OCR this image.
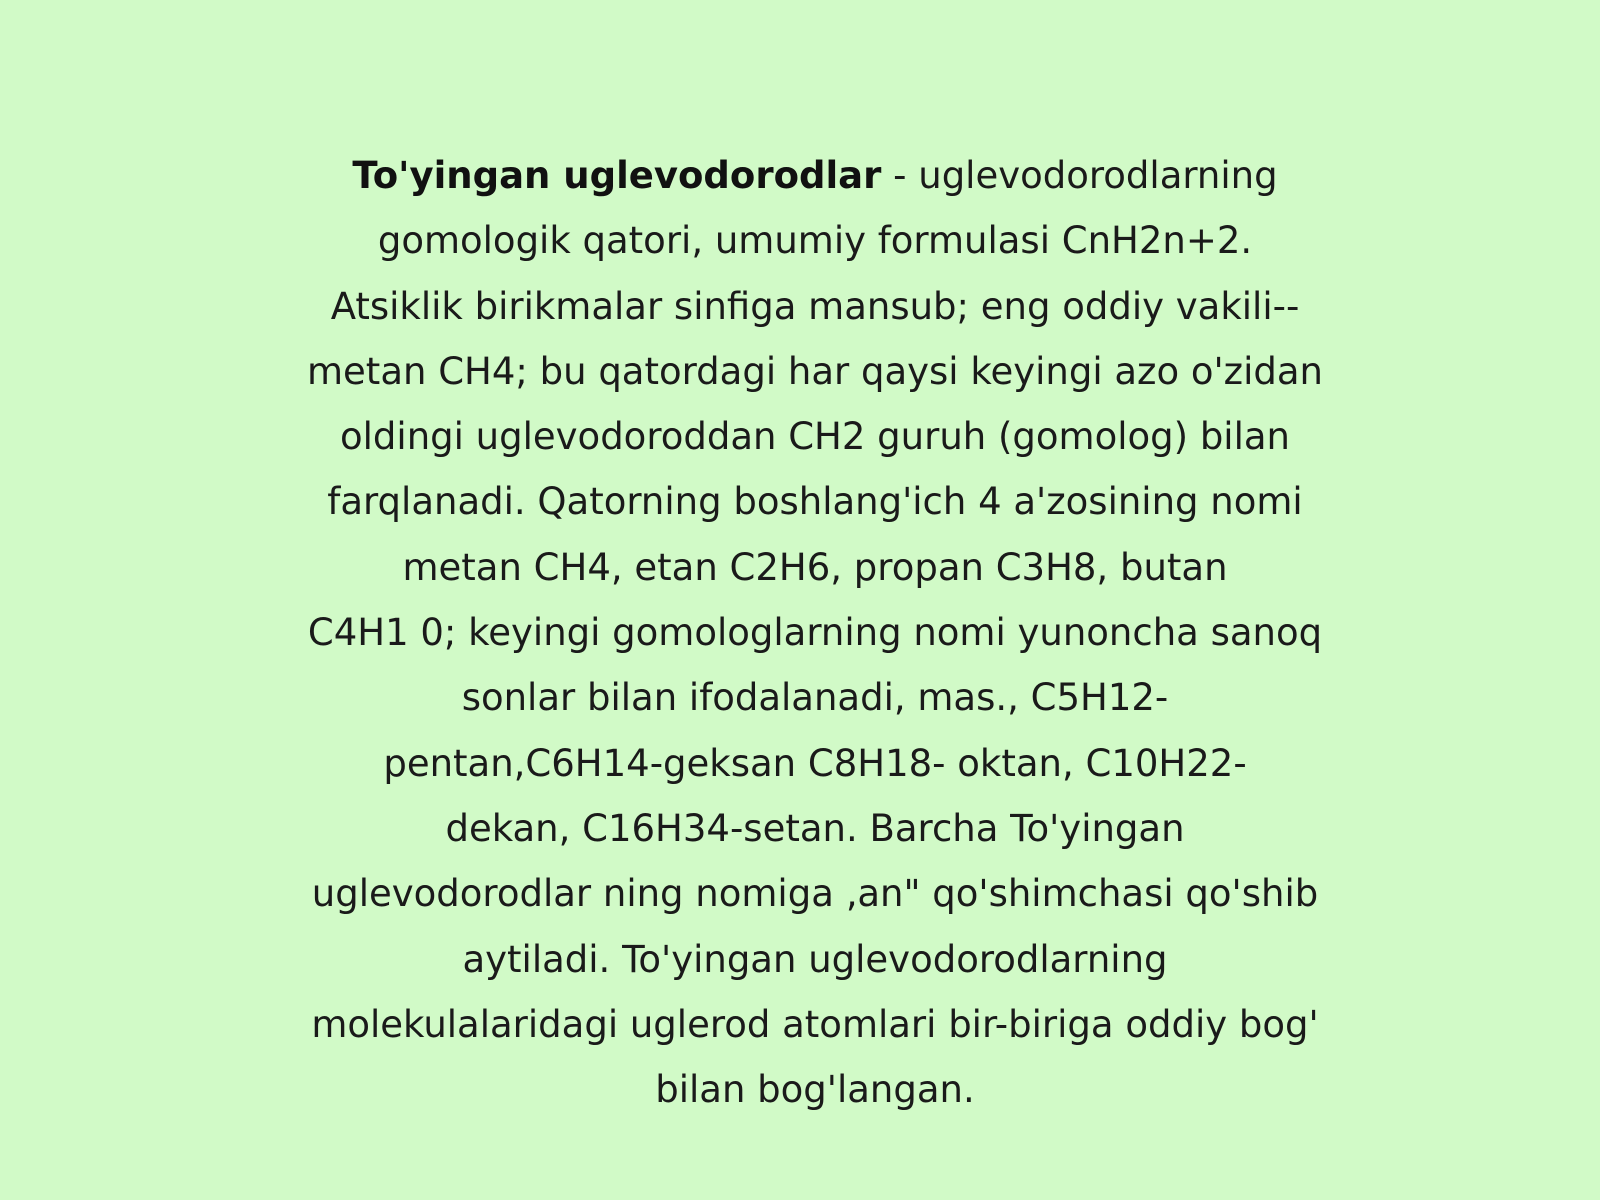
To'yingan uglevodorodlar - uglevodorodlarning
gomologik qatori, umumiy formulasi CnH2n+2.
Atsiklik birikmalar sinfiga mansub; eng oddiy vakili--
metan CH4; bu qatordagi har qaysi keyingi azo o'zidan
oldingi uglevodoroddan CH2 guruh (gomolog) bilan
farqlanadi. Qatorning boshlang'ich 4 a'zosining nomi
metan CH4, etan C2H6, propan C3H8, butan
C4H1 0; keyingi gomologlarning nomi yunoncha sanoq
sonlar bilan ifodalanadi, mas., C5H12-
pentan,C6H14-geksan C8H18- oktan, C10H22-
dekan, C16H34-setan. Barcha To'yingan
uglevodorodlar ning nomiga ‚an" qo'shimchasi qo'shib
aytiladi. To'yingan uglevodorodlarning
molekulalaridagi uglerod atomlari bir-biriga oddiy bog'
bilan bog'langan.
